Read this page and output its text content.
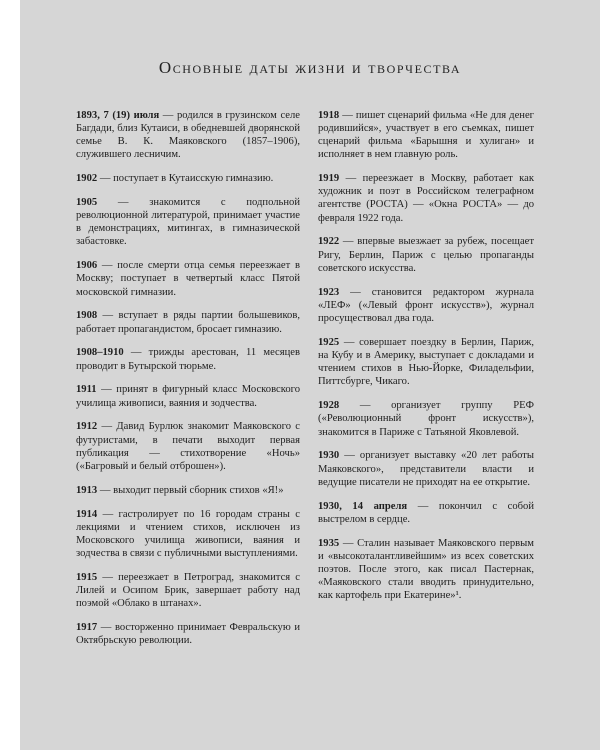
Основные даты жизни и творчества

1893, 7 (19) июля — родился в грузинском селе Багдади, близ Кутаиси, в обедневшей дворянской семье В. К. Маяковского (1857–1906), служившего лесничим.

1902 — поступает в Кутаисскую гимназию.

1905 — знакомится с подпольной революционной литературой, принимает участие в демонстрациях, митингах, в гимназической забастовке.

1906 — после смерти отца семья переезжает в Москву; поступает в четвертый класс Пятой московской гимназии.

1908 — вступает в ряды партии большевиков, работает пропагандистом, бросает гимназию.

1908–1910 — трижды арестован, 11 месяцев проводит в Бутырской тюрьме.

1911 — принят в фигурный класс Московского училища живописи, ваяния и зодчества.

1912 — Давид Бурлюк знакомит Маяковского с футуристами, в печати выходит первая публикация — стихотворение «Ночь» («Багровый и белый отброшен»).

1913 — выходит первый сборник стихов «Я!»

1914 — гастролирует по 16 городам страны с лекциями и чтением стихов, исключен из Московского училища живописи, ваяния и зодчества в связи с публичными выступлениями.

1915 — переезжает в Петроград, знакомится с Лилей и Осипом Брик, завершает работу над поэмой «Облако в штанах».

1917 — восторженно принимает Февральскую и Октябрьскую революции.

1918 — пишет сценарий фильма «Не для денег родившийся», участвует в его съемках, пишет сценарий фильма «Барышня и хулиган» и исполняет в нем главную роль.

1919 — переезжает в Москву, работает как художник и поэт в Российском телеграфном агентстве (РОСТА) — «Окна РОСТА» — до февраля 1922 года.

1922 — впервые выезжает за рубеж, посещает Ригу, Берлин, Париж с целью пропаганды советского искусства.

1923 — становится редактором журнала «ЛЕФ» («Левый фронт искусств»), журнал просуществовал два года.

1925 — совершает поездку в Берлин, Париж, на Кубу и в Америку, выступает с докладами и чтением стихов в Нью-Йорке, Филадельфии, Питтсбурге, Чикаго.

1928 — организует группу РЕФ («Революционный фронт искусств»), знакомится в Париже с Татьяной Яковлевой.

1930 — организует выставку «20 лет работы Маяковского», представители власти и ведущие писатели не приходят на ее открытие.

1930, 14 апреля — покончил с собой выстрелом в сердце.

1935 — Сталин называет Маяковского первым и «высокоталантливейшим» из всех советских поэтов. После этого, как писал Пастернак, «Маяковского стали вводить принудительно, как картофель при Екатерине»¹.
